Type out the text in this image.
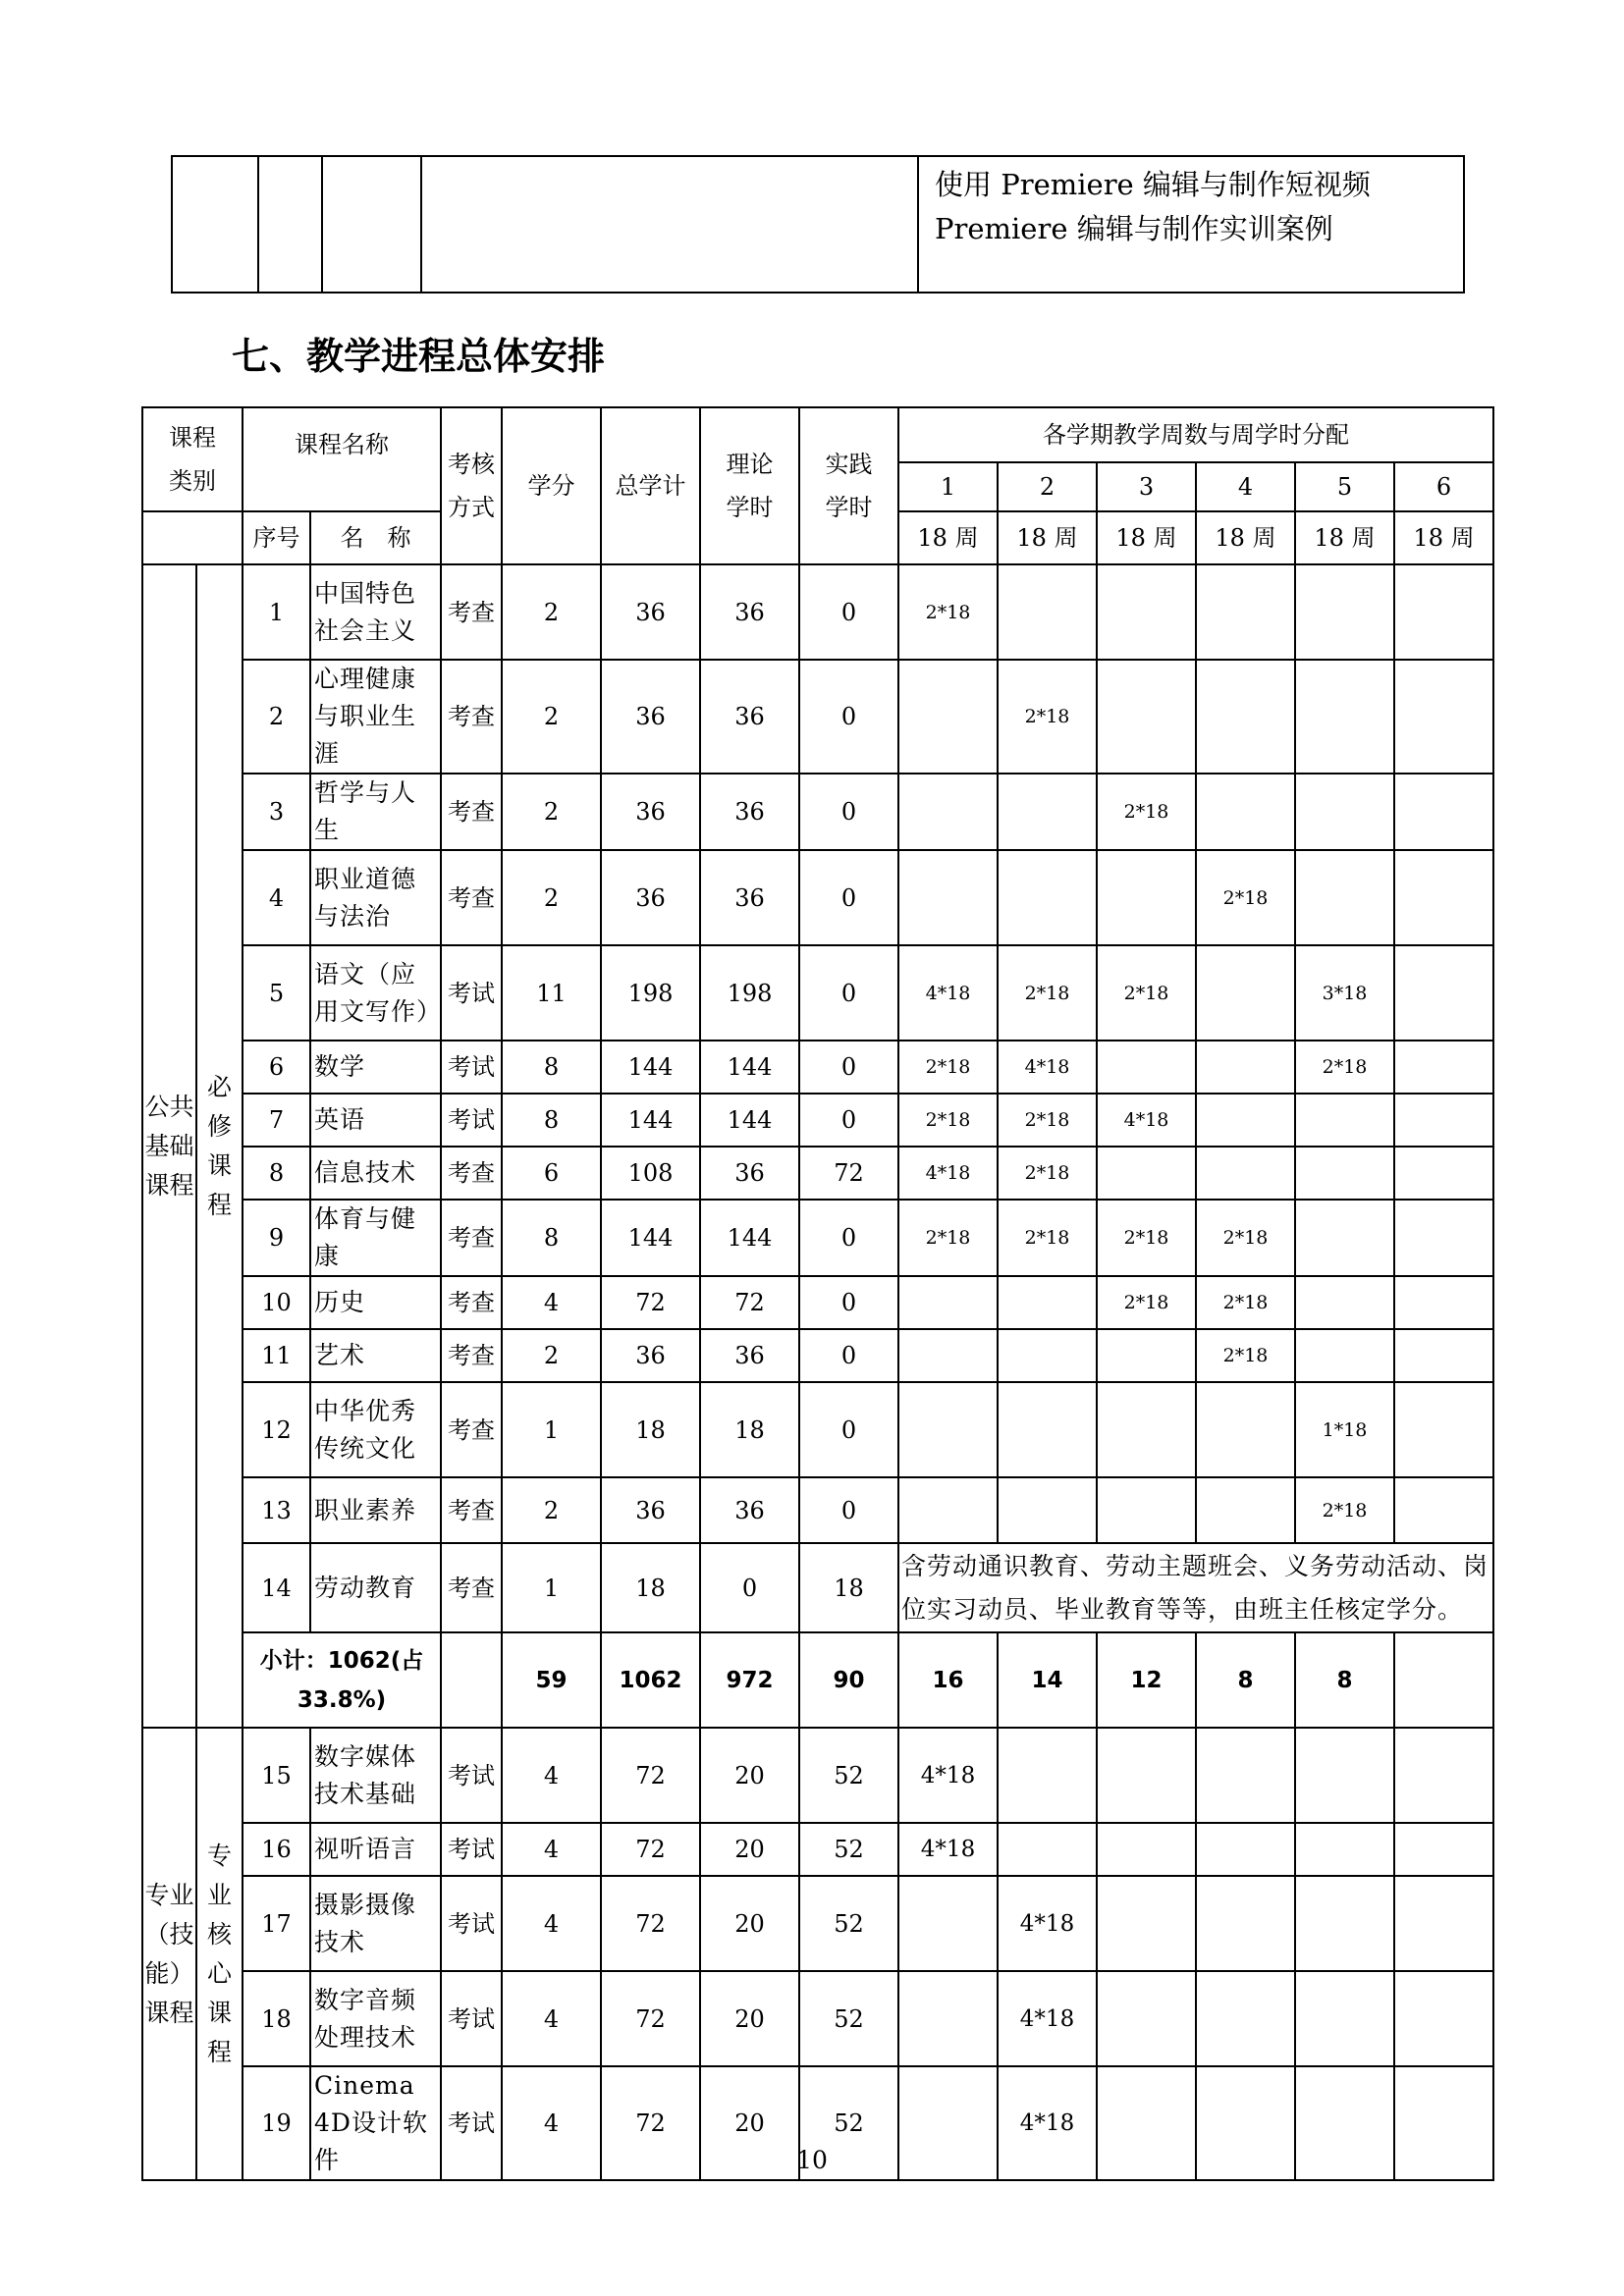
使用 Premiere 编辑与制作短视频
Premiere 编辑与制作实训案例
七、教学进程总体安排
课程类别		课程名称		考核方式	学分	总学计	理论学时	实践学时	各学期教学周数与周学时分配					
									1	2	3	4	5	6
		序号	名　称						18 周	18 周	18 周	18 周	18 周	18 周
公共基础课程	必修课程	1	中国特色社会主义	考查	2	36	36	0	2*18					
		2	心理健康与职业生涯	考查	2	36	36	0		2*18				
		3	哲学与人生	考查	2	36	36	0			2*18			
		4	职业道德与法治	考查	2	36	36	0				2*18		
		5	语文（应用文写作）	考试	11	198	198	0	4*18	2*18	2*18		3*18	
		6	数学	考试	8	144	144	0	2*18	4*18			2*18	
		7	英语	考试	8	144	144	0	2*18	2*18	4*18			
		8	信息技术	考查	6	108	36	72	4*18	2*18				
		9	体育与健康	考查	8	144	144	0	2*18	2*18	2*18	2*18		
		10	历史	考查	4	72	72	0			2*18	2*18		
		11	艺术	考查	2	36	36	0				2*18		
		12	中华优秀传统文化	考查	1	18	18	0					1*18	
		13	职业素养	考查	2	36	36	0					2*18	
		14	劳动教育	考查	1	18	0	18	含劳动通识教育、劳动主题班会、义务劳动活动、岗位实习动员、毕业教育等等，由班主任核定学分。					
		小计：1062(占33.8%)			59	1062	972	90	16	14	12	8	8	
专业（技能）课程	专业核心课程	15	数字媒体技术基础	考试	4	72	20	52	4*18					
		16	视听语言	考试	4	72	20	52	4*18					
		17	摄影摄像技术	考试	4	72	20	52		4*18				
		18	数字音频处理技术	考试	4	72	20	52		4*18				
		19	Cinema 4D设计软件	考试	4	72	20	52		4*18				
10
